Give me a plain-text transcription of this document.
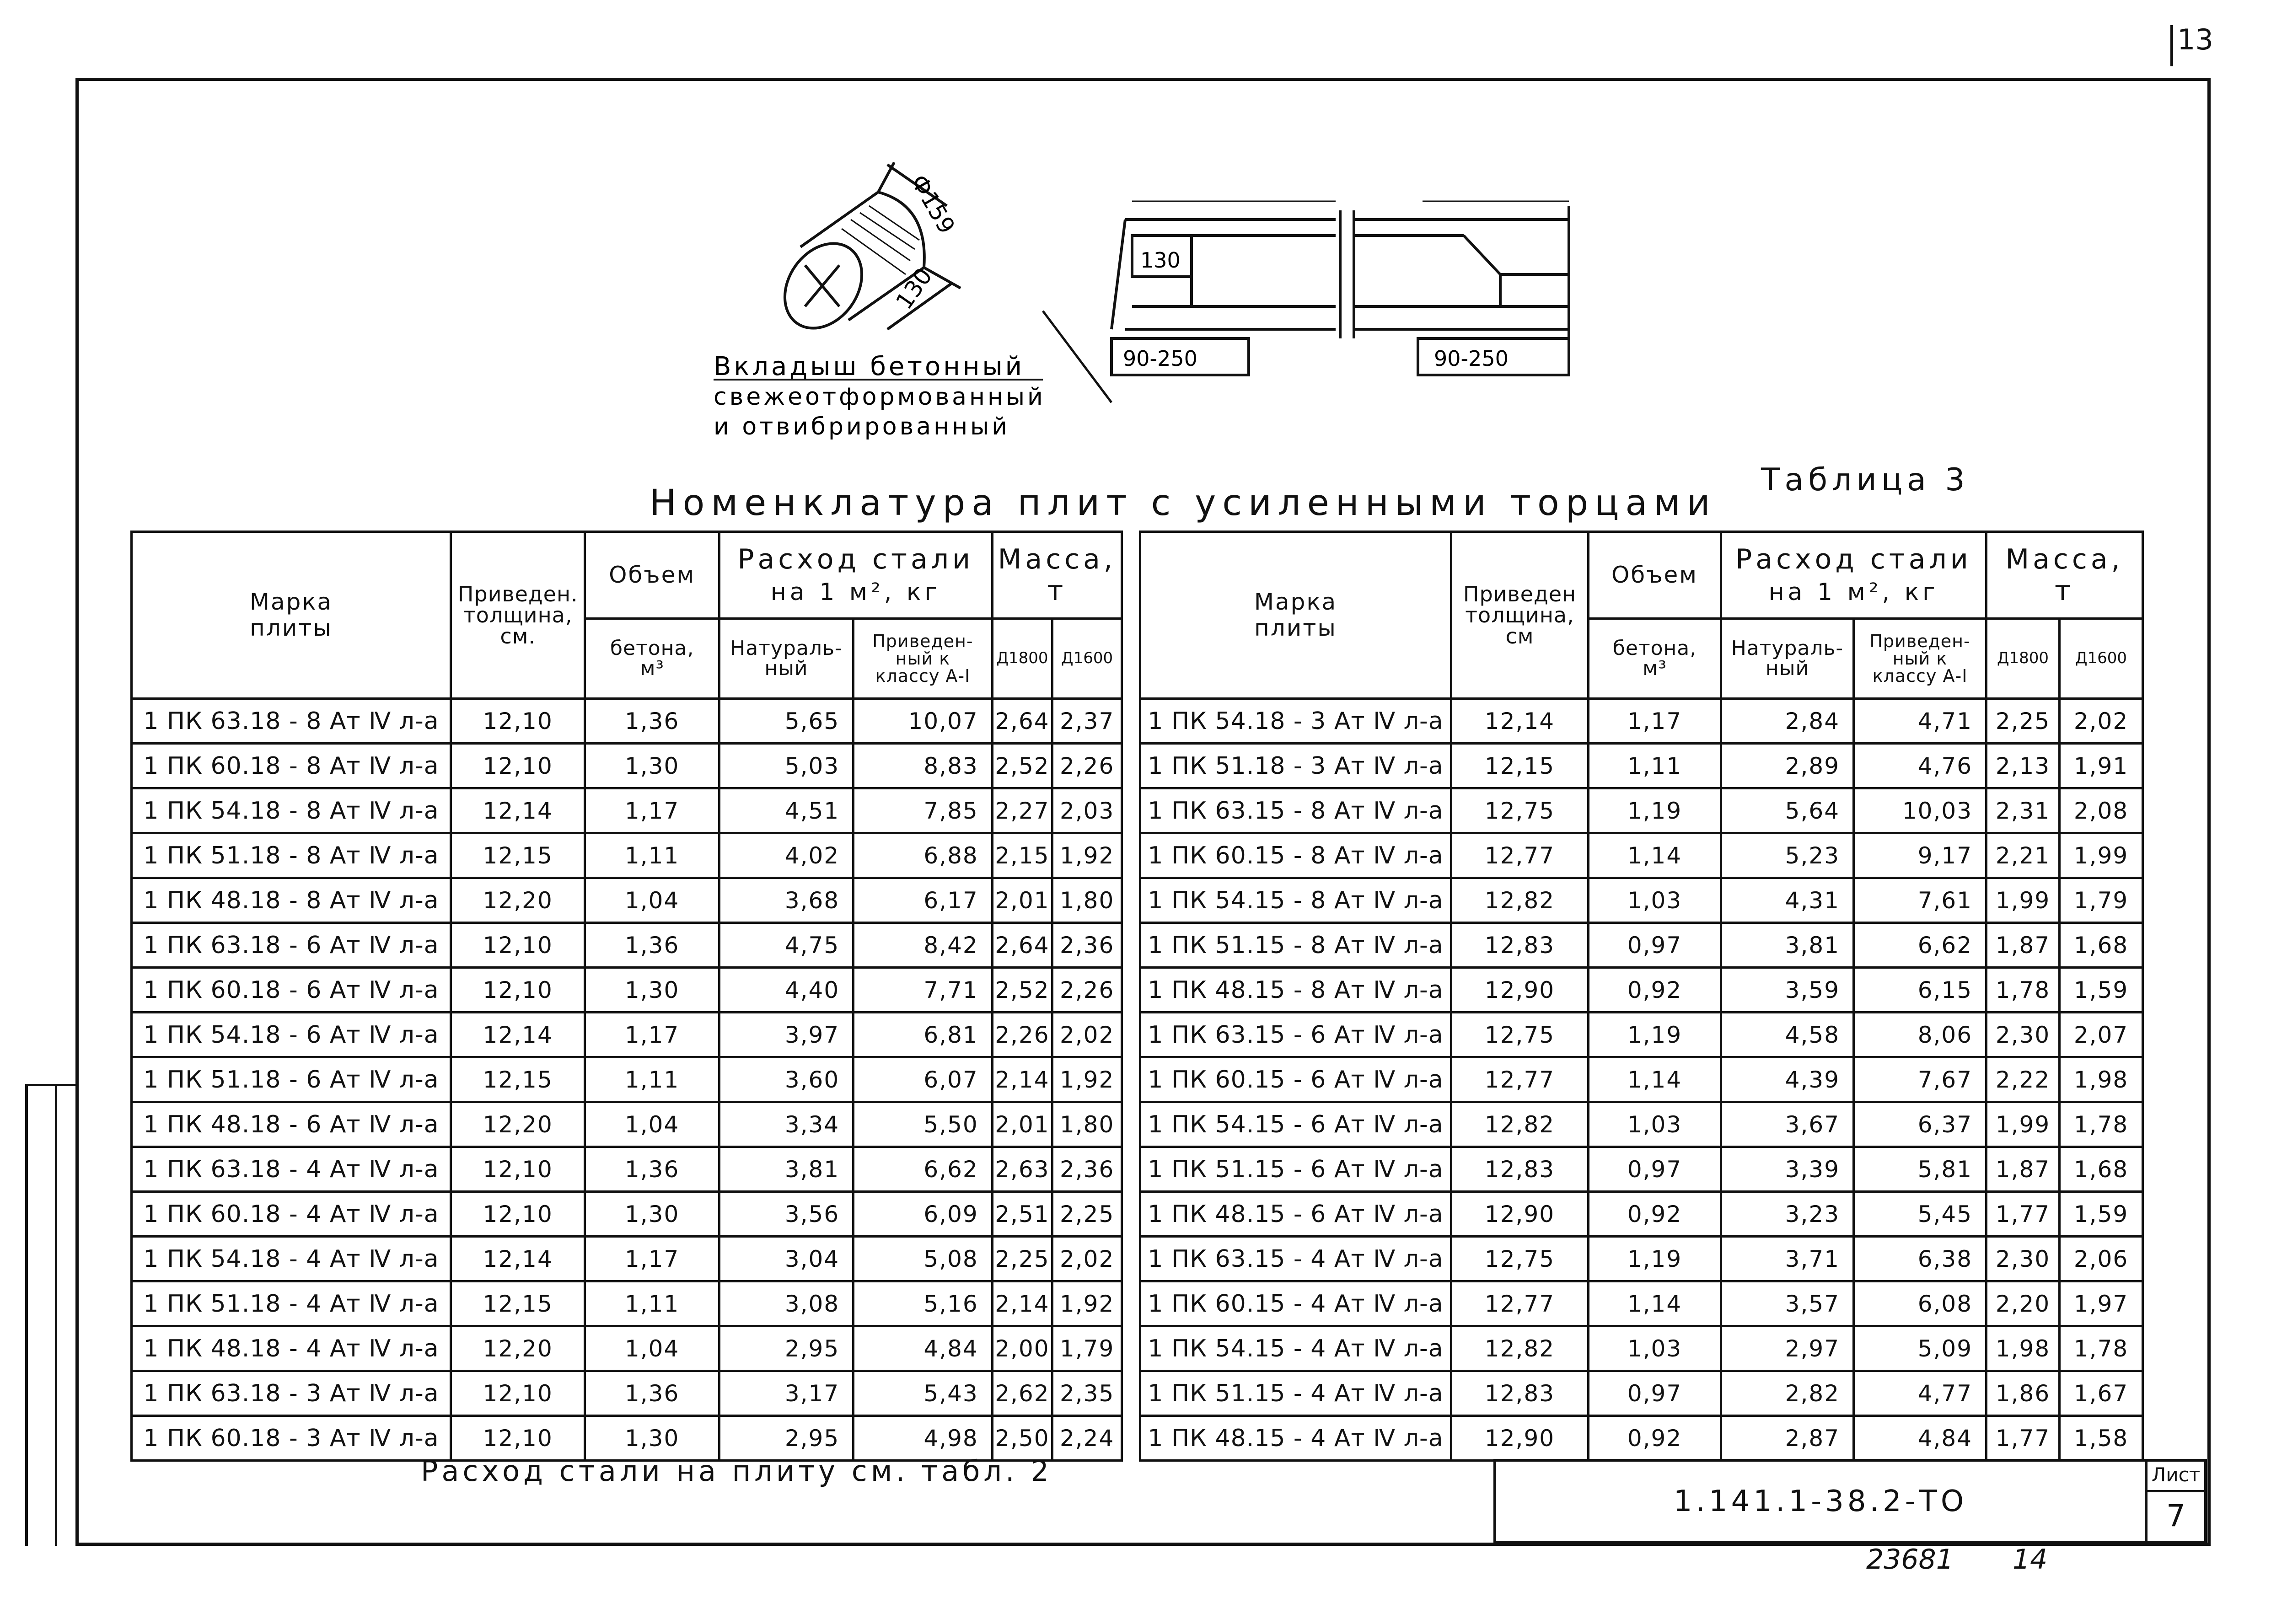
13
Ф159
130
130
90-250	90-250
Вкладыш бетонный
свежеотформованный
и отвибрированный
Номенклатура плит с усиленными торцами
Таблица 3
Марка
плиты	Приведен.
толщина,
см.	Объем	Расход стали
на 1 м², кг		Масса,
т	
		бетона,
м³	Натураль-
ный	Приведен-
ный к
классу А-I	Д1800	Д1600
1 ПК 63.18 - 8 Ат Ⅳ л-а	12,10	1,36	5,65	10,07	2,64	2,37
1 ПК 60.18 - 8 Ат Ⅳ л-а	12,10	1,30	5,03	8,83	2,52	2,26
1 ПК 54.18 - 8 Ат Ⅳ л-а	12,14	1,17	4,51	7,85	2,27	2,03
1 ПК 51.18 - 8 Ат Ⅳ л-а	12,15	1,11	4,02	6,88	2,15	1,92
1 ПК 48.18 - 8 Ат Ⅳ л-а	12,20	1,04	3,68	6,17	2,01	1,80
1 ПК 63.18 - 6 Ат Ⅳ л-а	12,10	1,36	4,75	8,42	2,64	2,36
1 ПК 60.18 - 6 Ат Ⅳ л-а	12,10	1,30	4,40	7,71	2,52	2,26
1 ПК 54.18 - 6 Ат Ⅳ л-а	12,14	1,17	3,97	6,81	2,26	2,02
1 ПК 51.18 - 6 Ат Ⅳ л-а	12,15	1,11	3,60	6,07	2,14	1,92
1 ПК 48.18 - 6 Ат Ⅳ л-а	12,20	1,04	3,34	5,50	2,01	1,80
1 ПК 63.18 - 4 Ат Ⅳ л-а	12,10	1,36	3,81	6,62	2,63	2,36
1 ПК 60.18 - 4 Ат Ⅳ л-а	12,10	1,30	3,56	6,09	2,51	2,25
1 ПК 54.18 - 4 Ат Ⅳ л-а	12,14	1,17	3,04	5,08	2,25	2,02
1 ПК 51.18 - 4 Ат Ⅳ л-а	12,15	1,11	3,08	5,16	2,14	1,92
1 ПК 48.18 - 4 Ат Ⅳ л-а	12,20	1,04	2,95	4,84	2,00	1,79
1 ПК 63.18 - 3 Ат Ⅳ л-а	12,10	1,36	3,17	5,43	2,62	2,35
1 ПК 60.18 - 3 Ат Ⅳ л-а	12,10	1,30	2,95	4,98	2,50	2,24
Марка
плиты	Приведен
толщина,
см	Объем	Расход стали
на 1 м², кг		Масса,
т	
		бетона,
м³	Натураль-
ный	Приведен-
ный к
классу А-I	Д1800	Д1600
1 ПК 54.18 - 3 Ат Ⅳ л-а	12,14	1,17	2,84	4,71	2,25	2,02
1 ПК 51.18 - 3 Ат Ⅳ л-а	12,15	1,11	2,89	4,76	2,13	1,91
1 ПК 63.15 - 8 Ат Ⅳ л-а	12,75	1,19	5,64	10,03	2,31	2,08
1 ПК 60.15 - 8 Ат Ⅳ л-а	12,77	1,14	5,23	9,17	2,21	1,99
1 ПК 54.15 - 8 Ат Ⅳ л-а	12,82	1,03	4,31	7,61	1,99	1,79
1 ПК 51.15 - 8 Ат Ⅳ л-а	12,83	0,97	3,81	6,62	1,87	1,68
1 ПК 48.15 - 8 Ат Ⅳ л-а	12,90	0,92	3,59	6,15	1,78	1,59
1 ПК 63.15 - 6 Ат Ⅳ л-а	12,75	1,19	4,58	8,06	2,30	2,07
1 ПК 60.15 - 6 Ат Ⅳ л-а	12,77	1,14	4,39	7,67	2,22	1,98
1 ПК 54.15 - 6 Ат Ⅳ л-а	12,82	1,03	3,67	6,37	1,99	1,78
1 ПК 51.15 - 6 Ат Ⅳ л-а	12,83	0,97	3,39	5,81	1,87	1,68
1 ПК 48.15 - 6 Ат Ⅳ л-а	12,90	0,92	3,23	5,45	1,77	1,59
1 ПК 63.15 - 4 Ат Ⅳ л-а	12,75	1,19	3,71	6,38	2,30	2,06
1 ПК 60.15 - 4 Ат Ⅳ л-а	12,77	1,14	3,57	6,08	2,20	1,97
1 ПК 54.15 - 4 Ат Ⅳ л-а	12,82	1,03	2,97	5,09	1,98	1,78
1 ПК 51.15 - 4 Ат Ⅳ л-а	12,83	0,97	2,82	4,77	1,86	1,67
1 ПК 48.15 - 4 Ат Ⅳ л-а	12,90	0,92	2,87	4,84	1,77	1,58
Расход стали на плиту см. табл. 2
1.141.1-38.2-ТО
Лист
7
23681 14
